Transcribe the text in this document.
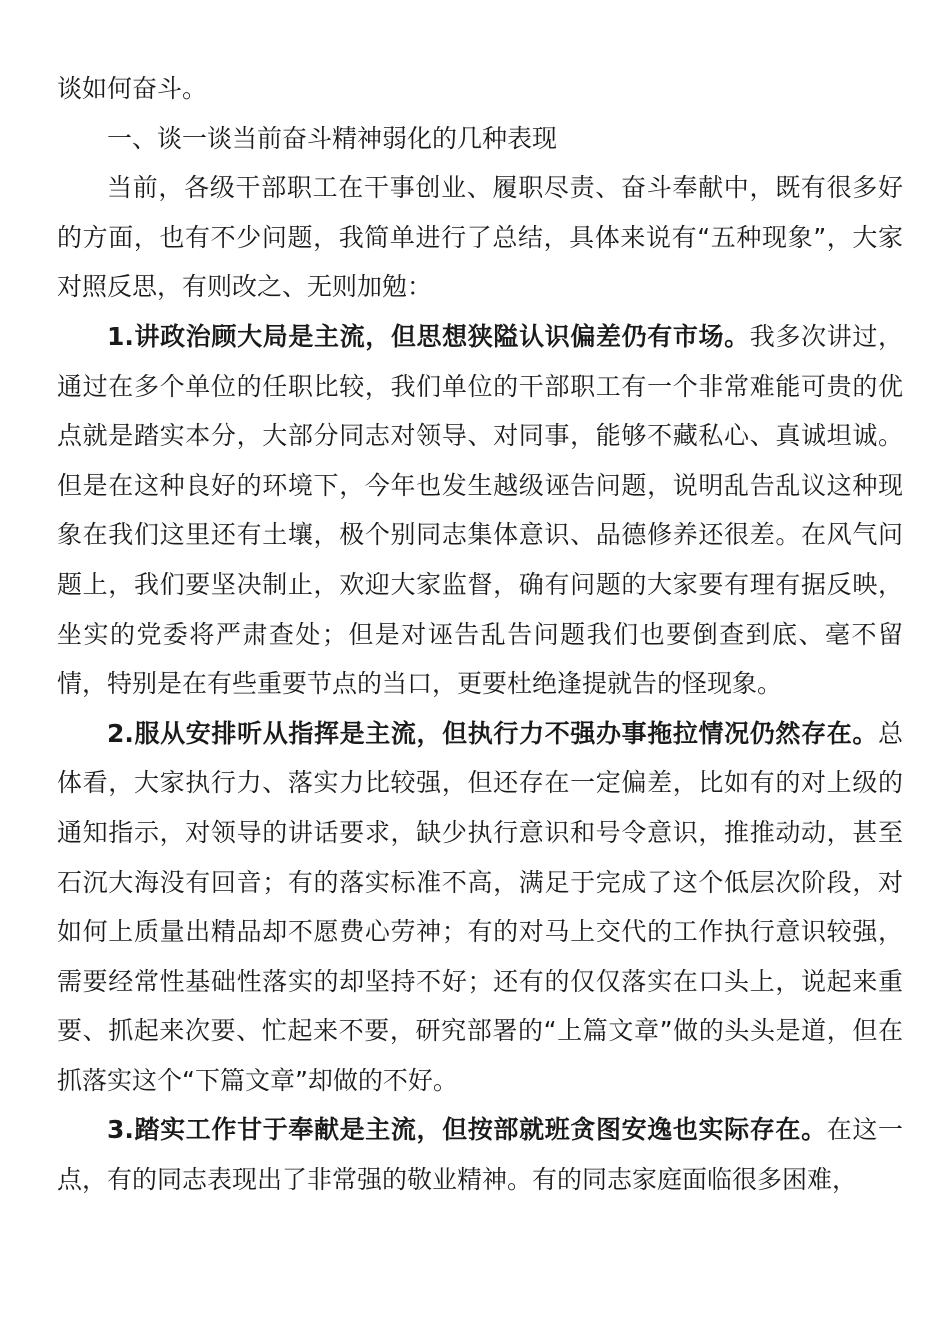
谈如何奋斗。

一、谈一谈当前奋斗精神弱化的几种表现

当前，各级干部职工在干事创业、履职尽责、奋斗奉献中，既有很多好的方面，也有不少问题，我简单进行了总结，具体来说有“五种现象”，大家对照反思，有则改之、无则加勉：

1.讲政治顾大局是主流，但思想狭隘认识偏差仍有市场。我多次讲过，通过在多个单位的任职比较，我们单位的干部职工有一个非常难能可贵的优点就是踏实本分，大部分同志对领导、对同事，能够不藏私心、真诚坦诚。但是在这种良好的环境下，今年也发生越级诬告问题，说明乱告乱议这种现象在我们这里还有土壤，极个别同志集体意识、品德修养还很差。在风气问题上，我们要坚决制止，欢迎大家监督，确有问题的大家要有理有据反映，坐实的党委将严肃查处；但是对诬告乱告问题我们也要倒查到底、毫不留情，特别是在有些重要节点的当口，更要杜绝逢提就告的怪现象。

2.服从安排听从指挥是主流，但执行力不强办事拖拉情况仍然存在。总体看，大家执行力、落实力比较强，但还存在一定偏差，比如有的对上级的通知指示，对领导的讲话要求，缺少执行意识和号令意识，推推动动，甚至石沉大海没有回音；有的落实标准不高，满足于完成了这个低层次阶段，对如何上质量出精品却不愿费心劳神；有的对马上交代的工作执行意识较强，需要经常性基础性落实的却坚持不好；还有的仅仅落实在口头上，说起来重要、抓起来次要、忙起来不要，研究部署的“上篇文章”做的头头是道，但在抓落实这个“下篇文章”却做的不好。

3.踏实工作甘于奉献是主流，但按部就班贪图安逸也实际存在。在这一点，有的同志表现出了非常强的敬业精神。有的同志家庭面临很多困难，
